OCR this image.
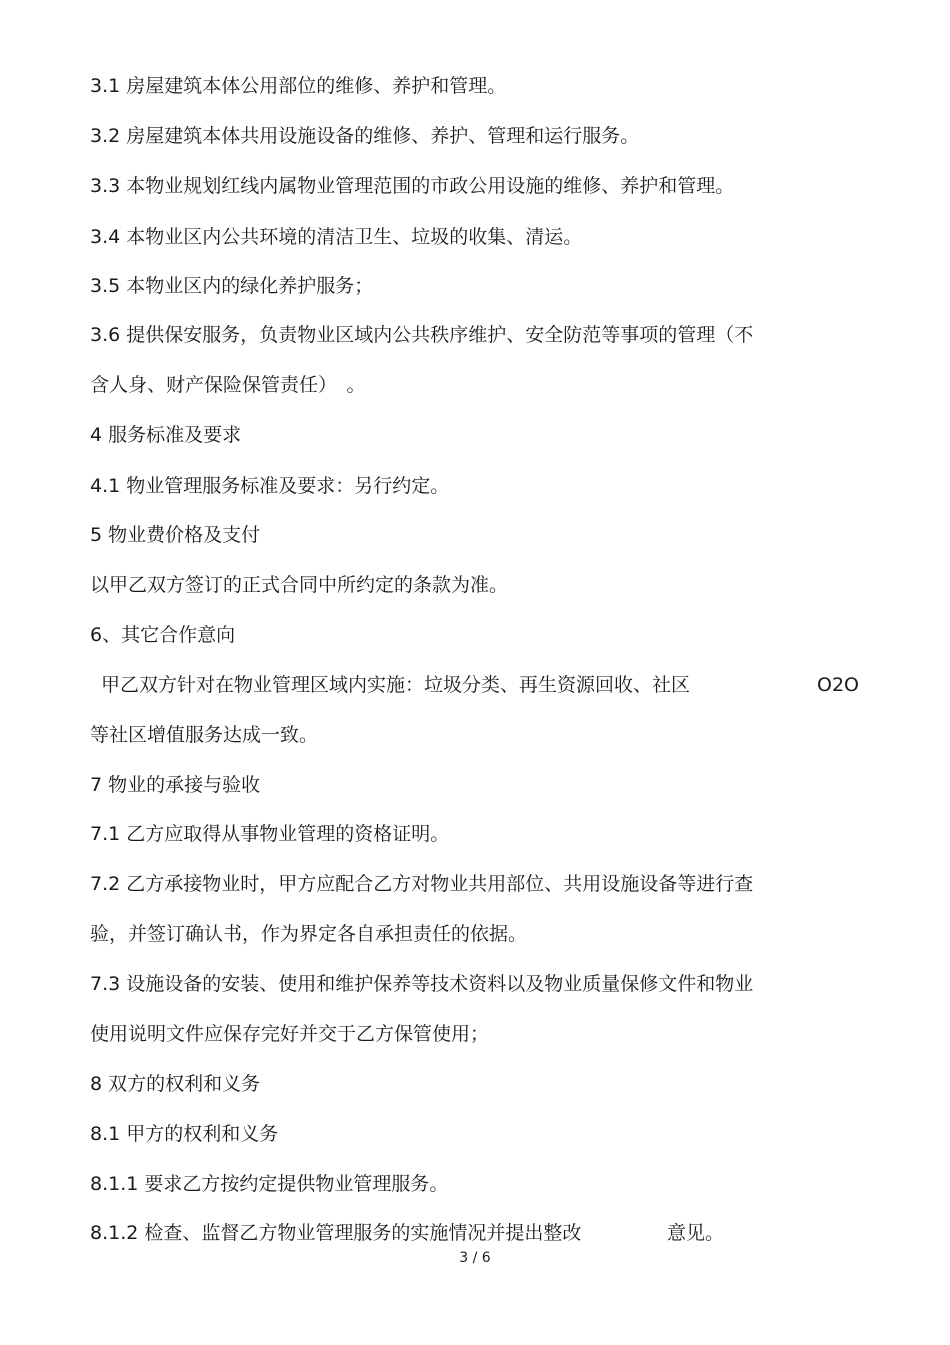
3.1 房屋建筑本体公用部位的维修、养护和管理。
3.2 房屋建筑本体共用设施设备的维修、养护、管理和运行服务。
3.3 本物业规划红线内属物业管理范围的市政公用设施的维修、养护和管理。
3.4 本物业区内公共环境的清洁卫生、垃圾的收集、清运。
3.5 本物业区内的绿化养护服务；
3.6 提供保安服务，负责物业区域内公共秩序维护、安全防范等事项的管理（不
含人身、财产保险保管责任）　。
4 服务标准及要求
4.1 物业管理服务标准及要求：另行约定。
5 物业费价格及支付
以甲乙双方签订的正式合同中所约定的条款为准。
6、其它合作意向
甲乙双方针对在物业管理区域内实施：垃圾分类、再生资源回收、社区	O2O
等社区增值服务达成一致。
7 物业的承接与验收
7.1 乙方应取得从事物业管理的资格证明。
7.2 乙方承接物业时，甲方应配合乙方对物业共用部位、共用设施设备等进行查
验，并签订确认书，作为界定各自承担责任的依据。
7.3 设施设备的安装、使用和维护保养等技术资料以及物业质量保修文件和物业
使用说明文件应保存完好并交于乙方保管使用；
8 双方的权利和义务
8.1 甲方的权利和义务
8.1.1 要求乙方按约定提供物业管理服务。
8.1.2 检查、监督乙方物业管理服务的实施情况并提出整改	意见。
3 / 6
